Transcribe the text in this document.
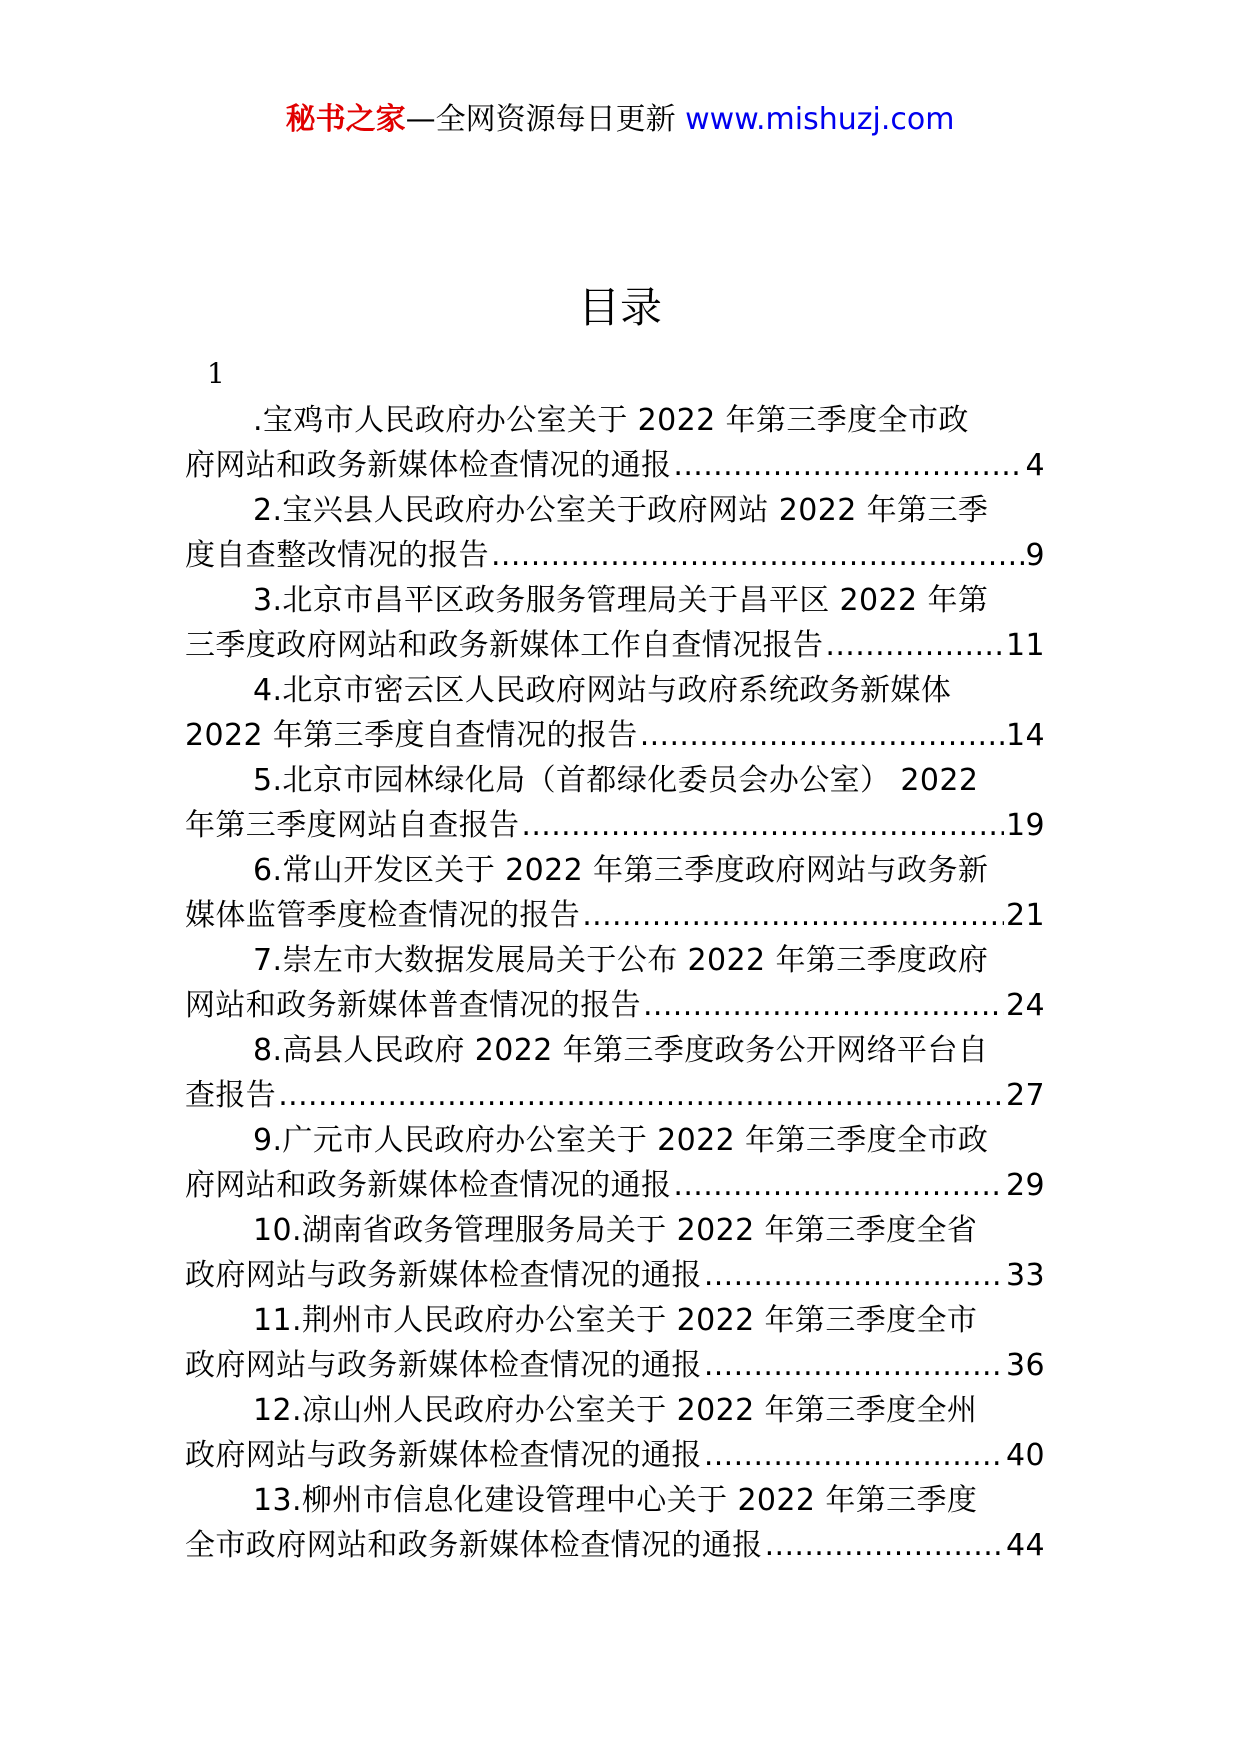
秘书之家—全网资源每日更新 www.mishuzj.com
目录
1
.宝鸡市人民政府办公室关于 2022 年第三季度全市政
府网站和政务新媒体检查情况的通报 .....	4
2.宝兴县人民政府办公室关于政府网站 2022 年第三季
度自查整改情况的报告 .....	9
3.北京市昌平区政务服务管理局关于昌平区 2022 年第
三季度政府网站和政务新媒体工作自查情况报告 .....	11
4.北京市密云区人民政府网站与政府系统政务新媒体
2022 年第三季度自查情况的报告 .....	14
5.北京市园林绿化局（首都绿化委员会办公室） 2022
年第三季度网站自查报告 .....	19
6.常山开发区关于 2022 年第三季度政府网站与政务新
媒体监管季度检查情况的报告 .....	21
7.崇左市大数据发展局关于公布 2022 年第三季度政府
网站和政务新媒体普查情况的报告 .....	24
8.高县人民政府 2022 年第三季度政务公开网络平台自
查报告 .....	27
9.广元市人民政府办公室关于 2022 年第三季度全市政
府网站和政务新媒体检查情况的通报 .....	29
10.湖南省政务管理服务局关于 2022 年第三季度全省
政府网站与政务新媒体检查情况的通报 .....	33
11.荆州市人民政府办公室关于 2022 年第三季度全市
政府网站与政务新媒体检查情况的通报 .....	36
12.凉山州人民政府办公室关于 2022 年第三季度全州
政府网站与政务新媒体检查情况的通报 .....	40
13.柳州市信息化建设管理中心关于 2022 年第三季度
全市政府网站和政务新媒体检查情况的通报 .....	44
